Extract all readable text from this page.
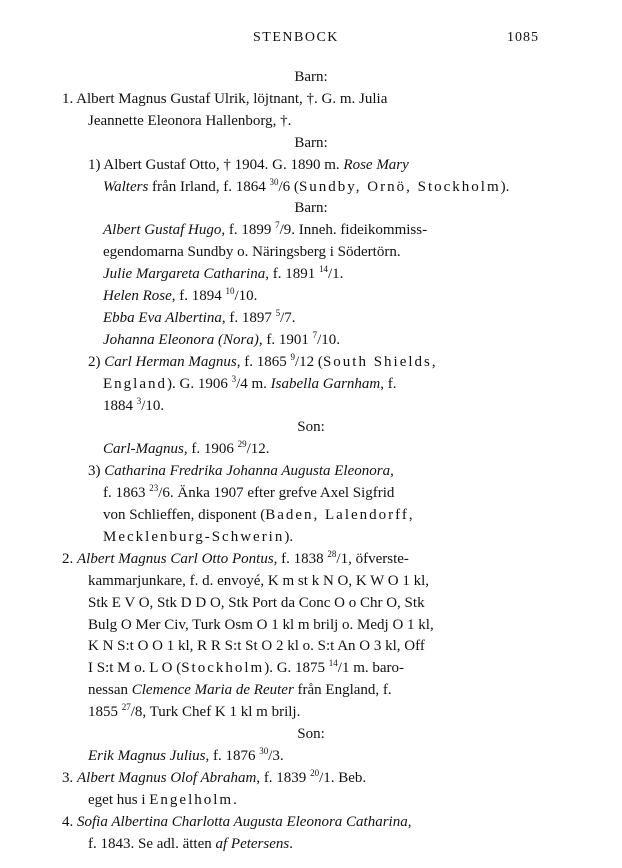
STENBOCK	1085
Barn:
1. Albert Magnus Gustaf Ulrik, löjtnant, †. G. m. Julia
Jeannette Eleonora Hallenborg, †.
Barn:
1) Albert Gustaf Otto, † 1904. G. 1890 m. Rose Mary
Walters från Irland, f. 1864 $^{30}$/6 (Sundby, Ornö, Stockholm).
Barn:
Albert Gustaf Hugo, f. 1899 $^7$/9. Inneh. fideikommiss-
egendomarna Sundby o. Näringsberg i Södertörn.
Julie Margareta Catharina, f. 1891 $^{14}$/1.
Helen Rose, f. 1894 $^{10}$/10.
Ebba Eva Albertina, f. 1897 $^5$/7.
Johanna Eleonora (Nora), f. 1901 $^7$/10.
2) Carl Herman Magnus, f. 1865 $^9$/12 (South Shields,
England). G. 1906 $^3$/4 m. Isabella Garnham, f.
1884 $^3$/10.
Son:
Carl-Magnus, f. 1906 $^{29}$/12.
3) Catharina Fredrika Johanna Augusta Eleonora,
f. 1863 $^{23}$/6. Änka 1907 efter grefve Axel Sigfrid
von Schlieffen, disponent (Baden, Lalendorff,
Mecklenburg-Schwerin).
2. Albert Magnus Carl Otto Pontus, f. 1838 $^{28}$/1, öfverste-
kammarjunkare, f. d. envoyé, K m st k N O, K W O 1 kl,
Stk E V O, Stk D D O, Stk Port da Conc O o Chr O, Stk
Bulg O Mer Civ, Turk Osm O 1 kl m brilj o. Medj O 1 kl,
K N S:t O O 1 kl, R R S:t St O 2 kl o. S:t An O 3 kl, Off
I S:t M o. L O (Stockholm). G. 1875 $^{14}$/1 m. baro-
nessan Clemence Maria de Reuter från England, f.
1855 $^{27}$/8, Turk Chef K 1 kl m brilj.
Son:
Erik Magnus Julius, f. 1876 $^{30}$/3.
3. Albert Magnus Olof Abraham, f. 1839 $^{20}$/1. Beb.
eget hus i Engelholm.
4. Sofia Albertina Charlotta Augusta Eleonora Catharina,
f. 1843. Se adl. ätten af Petersens.
